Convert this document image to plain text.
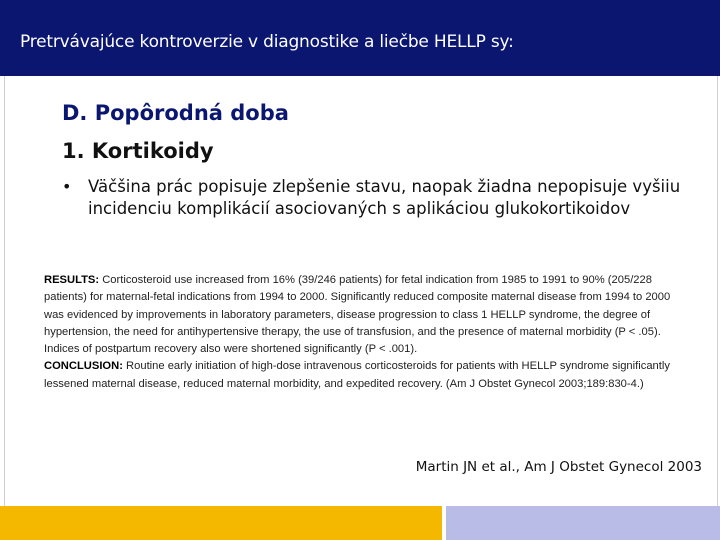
Pretrvávajúce kontroverzie v diagnostike a liečbe HELLP sy:
D. Popôrodná doba
1. Kortikoidy
• Väčšina prác popisuje zlepšenie stavu, naopak žiadna nepopisuje vyšiiu incidenciu komplikácií asociovaných s aplikáciou glukokortikoidov
RESULTS: Corticosteroid use increased from 16% (39/246 patients) for fetal indication from 1985 to 1991 to 90% (205/228 patients) for maternal-fetal indications from 1994 to 2000. Significantly reduced composite maternal disease from 1994 to 2000 was evidenced by improvements in laboratory parameters, disease progression to class 1 HELLP syndrome, the degree of hypertension, the need for antihypertensive therapy, the use of transfusion, and the presence of maternal morbidity (P < .05). Indices of postpartum recovery also were shortened significantly (P < .001).
CONCLUSION: Routine early initiation of high-dose intravenous corticosteroids for patients with HELLP syndrome significantly lessened maternal disease, reduced maternal morbidity, and expedited recovery. (Am J Obstet Gynecol 2003;189:830-4.)
Martin JN et al., Am J Obstet Gynecol 2003
